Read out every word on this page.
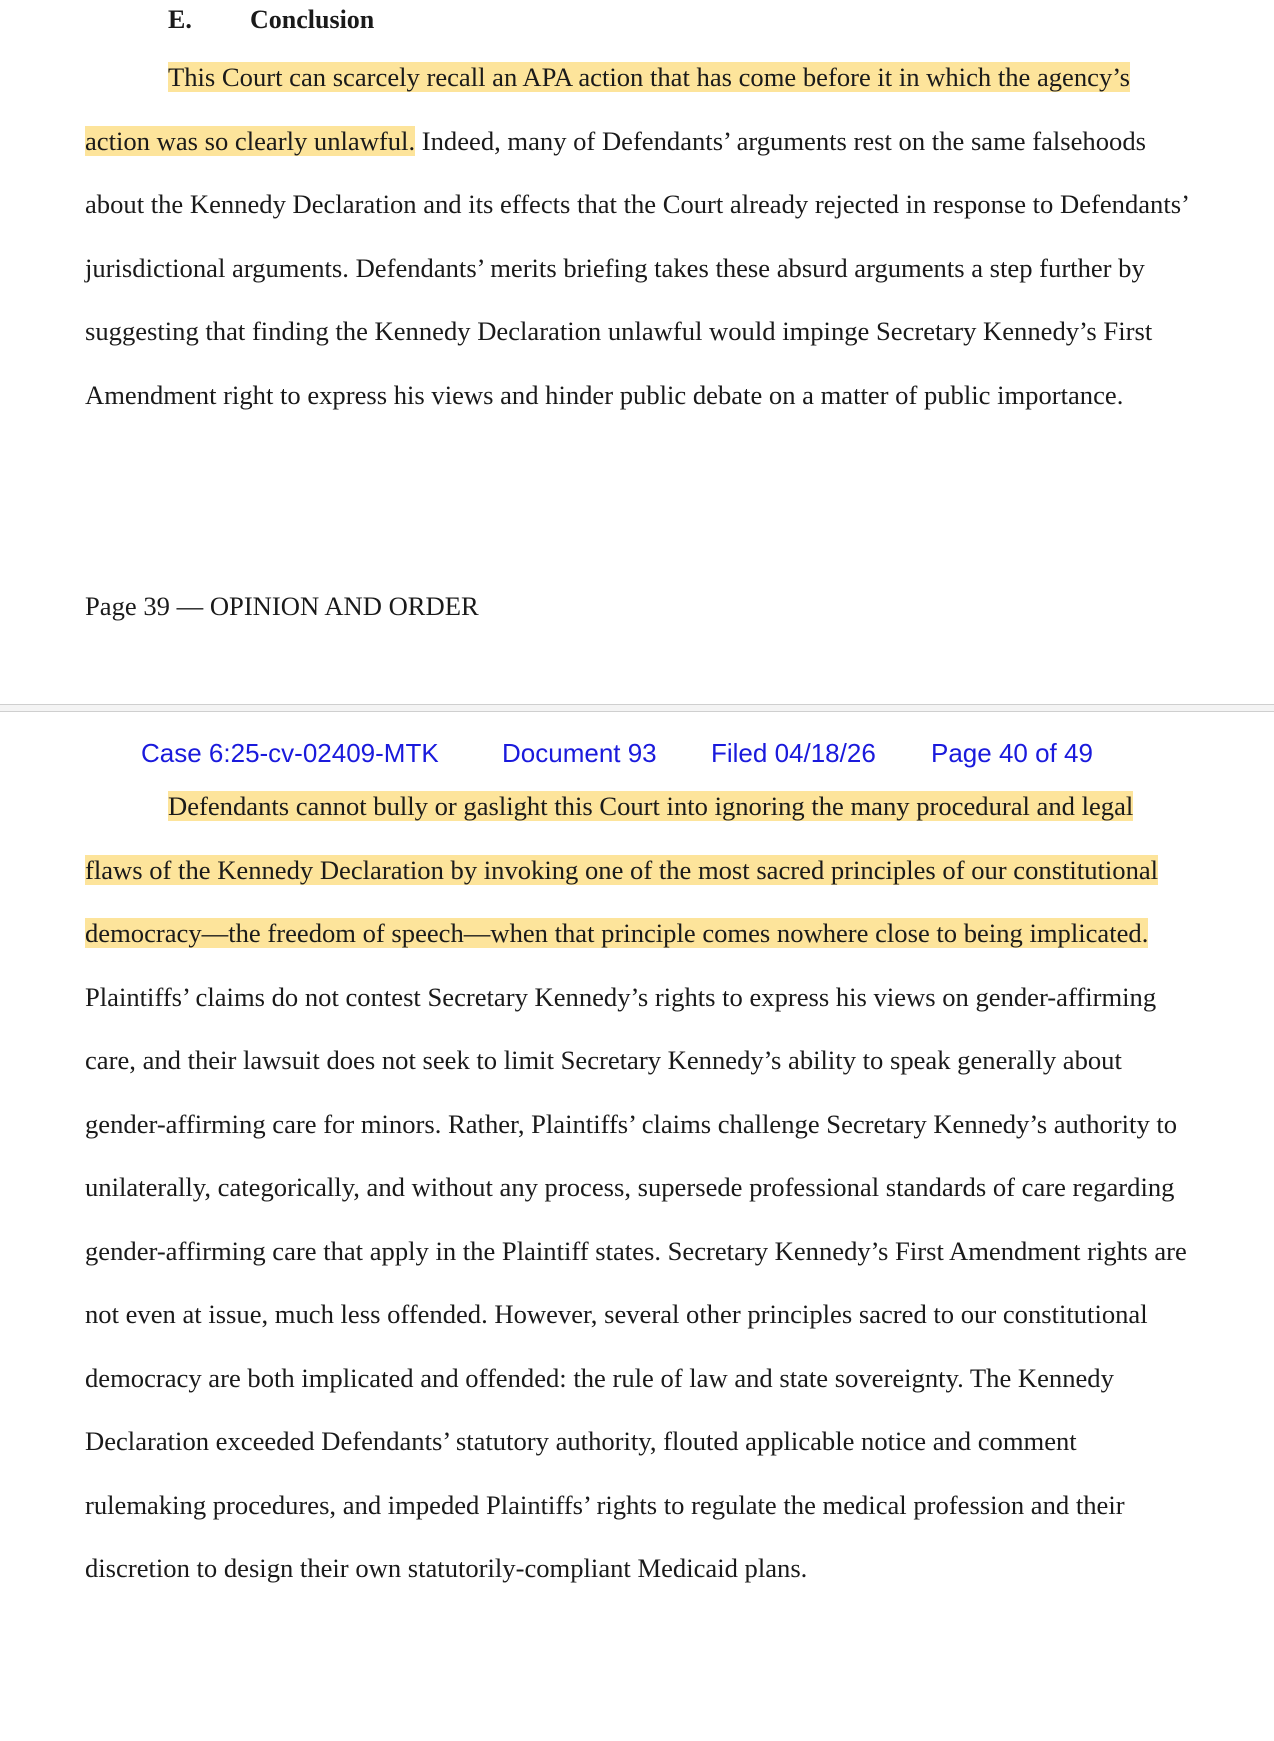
E. Conclusion

This Court can scarcely recall an APA action that has come before it in which the agency’s action was so clearly unlawful. Indeed, many of Defendants’ arguments rest on the same falsehoods about the Kennedy Declaration and its effects that the Court already rejected in response to Defendants’ jurisdictional arguments. Defendants’ merits briefing takes these absurd arguments a step further by suggesting that finding the Kennedy Declaration unlawful would impinge Secretary Kennedy’s First Amendment right to express his views and hinder public debate on a matter of public importance.

Page 39 — OPINION AND ORDER
Case 6:25-cv-02409-MTK Document 93 Filed 04/18/26 Page 40 of 49

Defendants cannot bully or gaslight this Court into ignoring the many procedural and legal flaws of the Kennedy Declaration by invoking one of the most sacred principles of our constitutional democracy—the freedom of speech—when that principle comes nowhere close to being implicated. Plaintiffs’ claims do not contest Secretary Kennedy’s rights to express his views on gender-affirming care, and their lawsuit does not seek to limit Secretary Kennedy’s ability to speak generally about gender-affirming care for minors. Rather, Plaintiffs’ claims challenge Secretary Kennedy’s authority to unilaterally, categorically, and without any process, supersede professional standards of care regarding gender-affirming care that apply in the Plaintiff states. Secretary Kennedy’s First Amendment rights are not even at issue, much less offended. However, several other principles sacred to our constitutional democracy are both implicated and offended: the rule of law and state sovereignty. The Kennedy Declaration exceeded Defendants’ statutory authority, flouted applicable notice and comment rulemaking procedures, and impeded Plaintiffs’ rights to regulate the medical profession and their discretion to design their own statutorily-compliant Medicaid plans.
